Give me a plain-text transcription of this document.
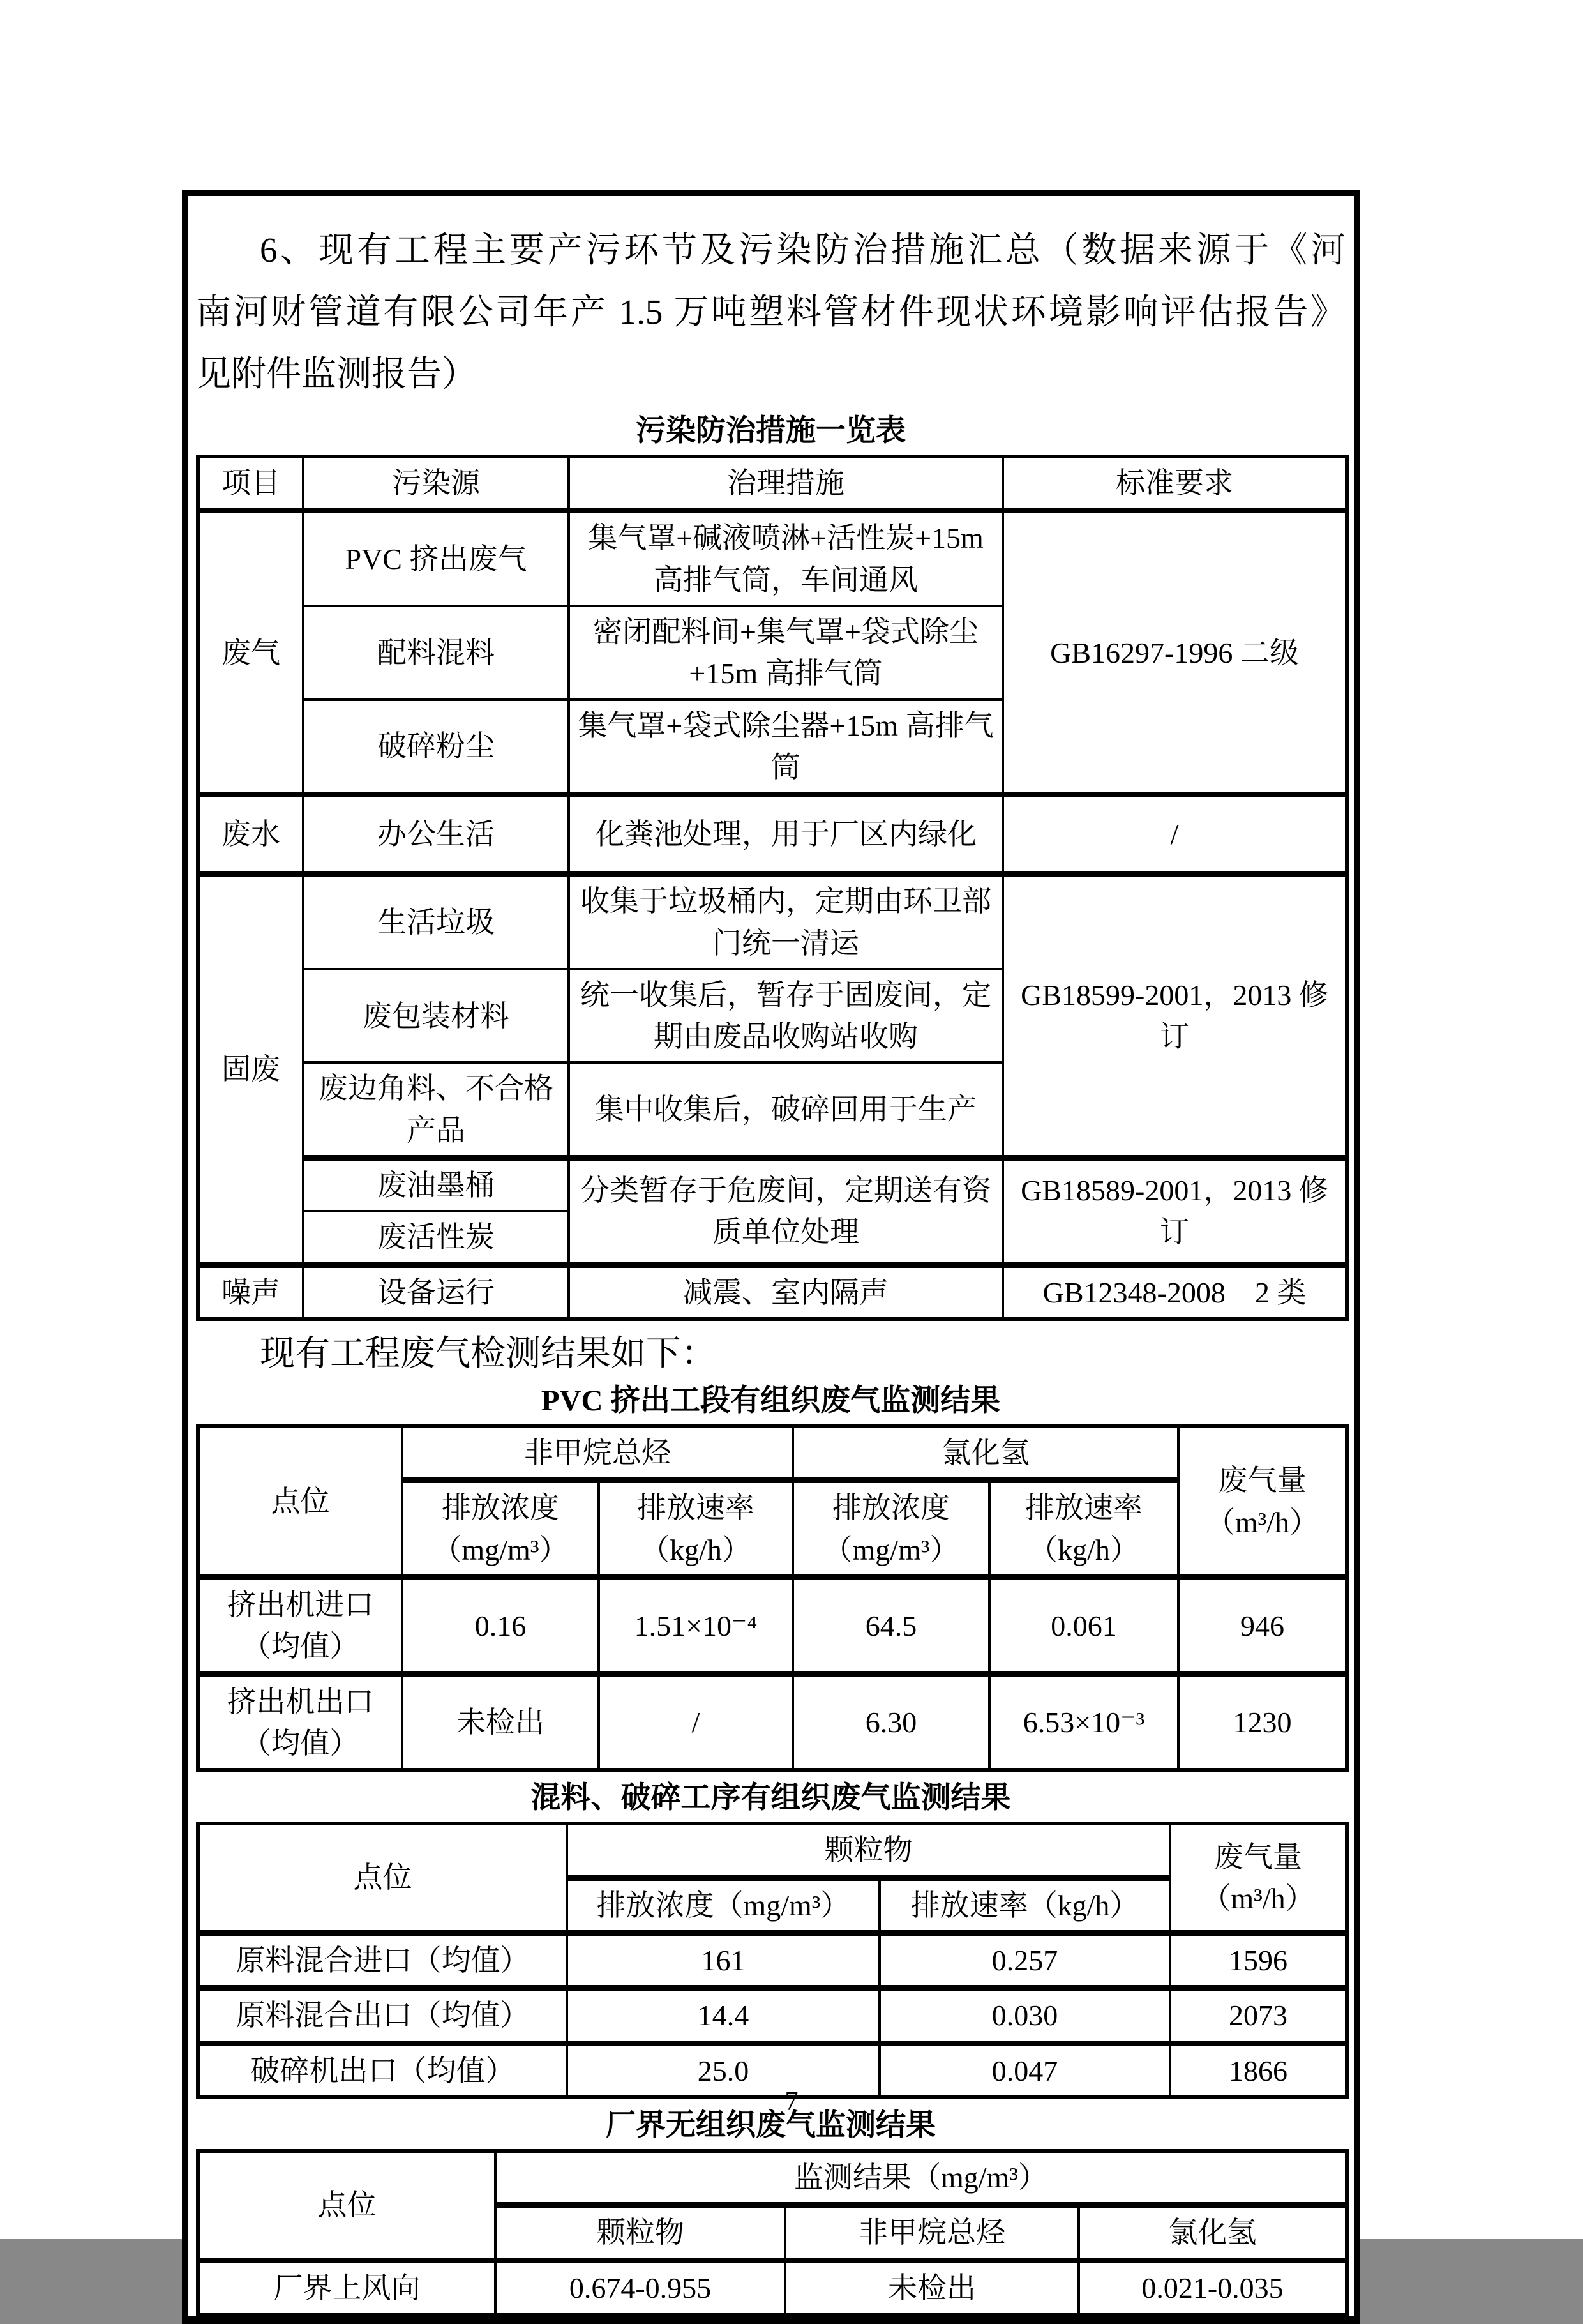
6、现有工程主要产污环节及污染防治措施汇总（数据来源于《河
南河财管道有限公司年产 1.5 万吨塑料管材件现状环境影响评估报告》
见附件监测报告）
污染防治措施一览表
项目	污染源	治理措施	标准要求
废气	PVC 挤出废气	集气罩+碱液喷淋+活性炭+15m 高排气筒，车间通风	GB16297-1996 二级
	配料混料	密闭配料间+集气罩+袋式除尘+15m 高排气筒	
	破碎粉尘	集气罩+袋式除尘器+15m 高排气筒	
废水	办公生活	化粪池处理，用于厂区内绿化	/
固废	生活垃圾	收集于垃圾桶内，定期由环卫部门统一清运	GB18599-2001，2013 修订
	废包装材料	统一收集后，暂存于固废间，定期由废品收购站收购	
	废边角料、不合格产品	集中收集后，破碎回用于生产	
	废油墨桶	分类暂存于危废间，定期送有资质单位处理	GB18589-2001，2013 修订
	废活性炭		
噪声	设备运行	减震、室内隔声	GB12348-2008　2 类
现有工程废气检测结果如下：
PVC 挤出工段有组织废气监测结果
点位	非甲烷总烃		氯化氢		废气量（m³/h）
	排放浓度（mg/m³）	排放速率（kg/h）	排放浓度（mg/m³）	排放速率（kg/h）	
挤出机进口（均值）	0.16	1.51×10⁻⁴	64.5	0.061	946
挤出机出口（均值）	未检出	/	6.30	6.53×10⁻³	1230
混料、破碎工序有组织废气监测结果
点位	颗粒物		废气量（m³/h）
	排放浓度（mg/m³）	排放速率（kg/h）	
原料混合进口（均值）	161	0.257	1596
原料混合出口（均值）	14.4	0.030	2073
破碎机出口（均值）	25.0	0.047	1866
厂界无组织废气监测结果
点位	监测结果（mg/m³）		
	颗粒物	非甲烷总烃	氯化氢
厂界上风向	0.674-0.955	未检出	0.021-0.035
7
